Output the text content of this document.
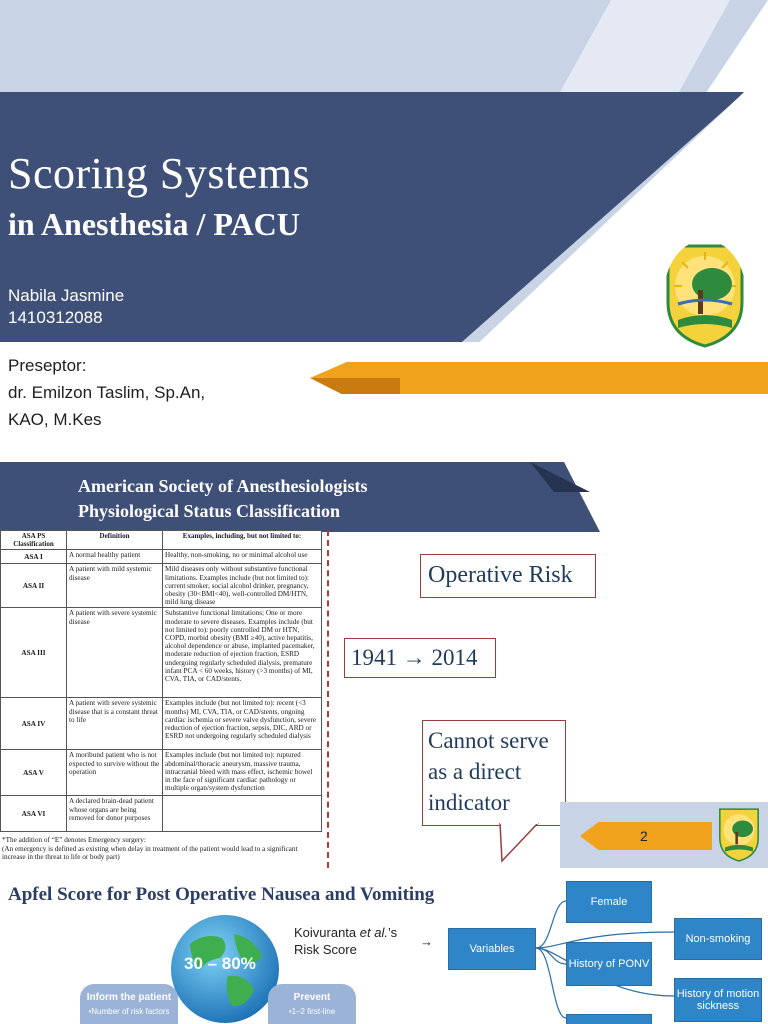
Scoring Systems
in Anesthesia / PACU
Nabila Jasmine
1410312088
Preseptor:
dr. Emilzon Taslim, Sp.An,
KAO, M.Kes
American Society of Anesthesiologists
Physiological Status Classification
ASA PS Classification	Definition	Examples, including, but not limited to:
ASA I	A normal healthy patient	Healthy, non-smoking, no or minimal alcohol use
ASA II	A patient with mild systemic disease	Mild diseases only without substantive functional limitations. Examples include (but not limited to): current smoker, social alcohol drinker, pregnancy, obesity (30<BMI<40), well-controlled DM/HTN, mild lung disease
ASA III	A patient with severe systemic disease	Substantive functional limitations; One or more moderate to severe diseases. Examples include (but not limited to): poorly controlled DM or HTN, COPD, morbid obesity (BMI ≥40), active hepatitis, alcohol dependence or abuse, implanted pacemaker, moderate reduction of ejection fraction, ESRD undergoing regularly scheduled dialysis, premature infant PCA < 60 weeks, history (>3 months) of MI, CVA, TIA, or CAD/stents.
ASA IV	A patient with severe systemic disease that is a constant threat to life	Examples include (but not limited to): recent (<3 months) MI, CVA, TIA, or CAD/stents, ongoing cardiac ischemia or severe valve dysfunction, severe reduction of ejection fraction, sepsis, DIC, ARD or ESRD not undergoing regularly scheduled dialysis
ASA V	A moribund patient who is not expected to survive without the operation	Examples include (but not limited to): ruptured abdominal/thoracic aneurysm, massive trauma, intracranial bleed with mass effect, ischemic bowel in the face of significant cardiac pathology or multiple organ/system dysfunction
ASA VI	A declared brain-dead patient whose organs are being removed for donor purposes	
*The addition of “E” denotes Emergency surgery:
(An emergency is defined as existing when delay in treatment of the patient would lead to a significant increase in the threat to life or body part)
Operative Risk
1941 → 2014
Cannot serve as a direct indicator
2
Apfel Score for Post Operative Nausea and Vomiting
30 – 80%
Inform the patient
•Number of risk factors
Prevent
•1–2 first-line
Koivuranta et al.’s
Risk Score
→	Variables
Female
Non-smoking
History of PONV
History of motion sickness
